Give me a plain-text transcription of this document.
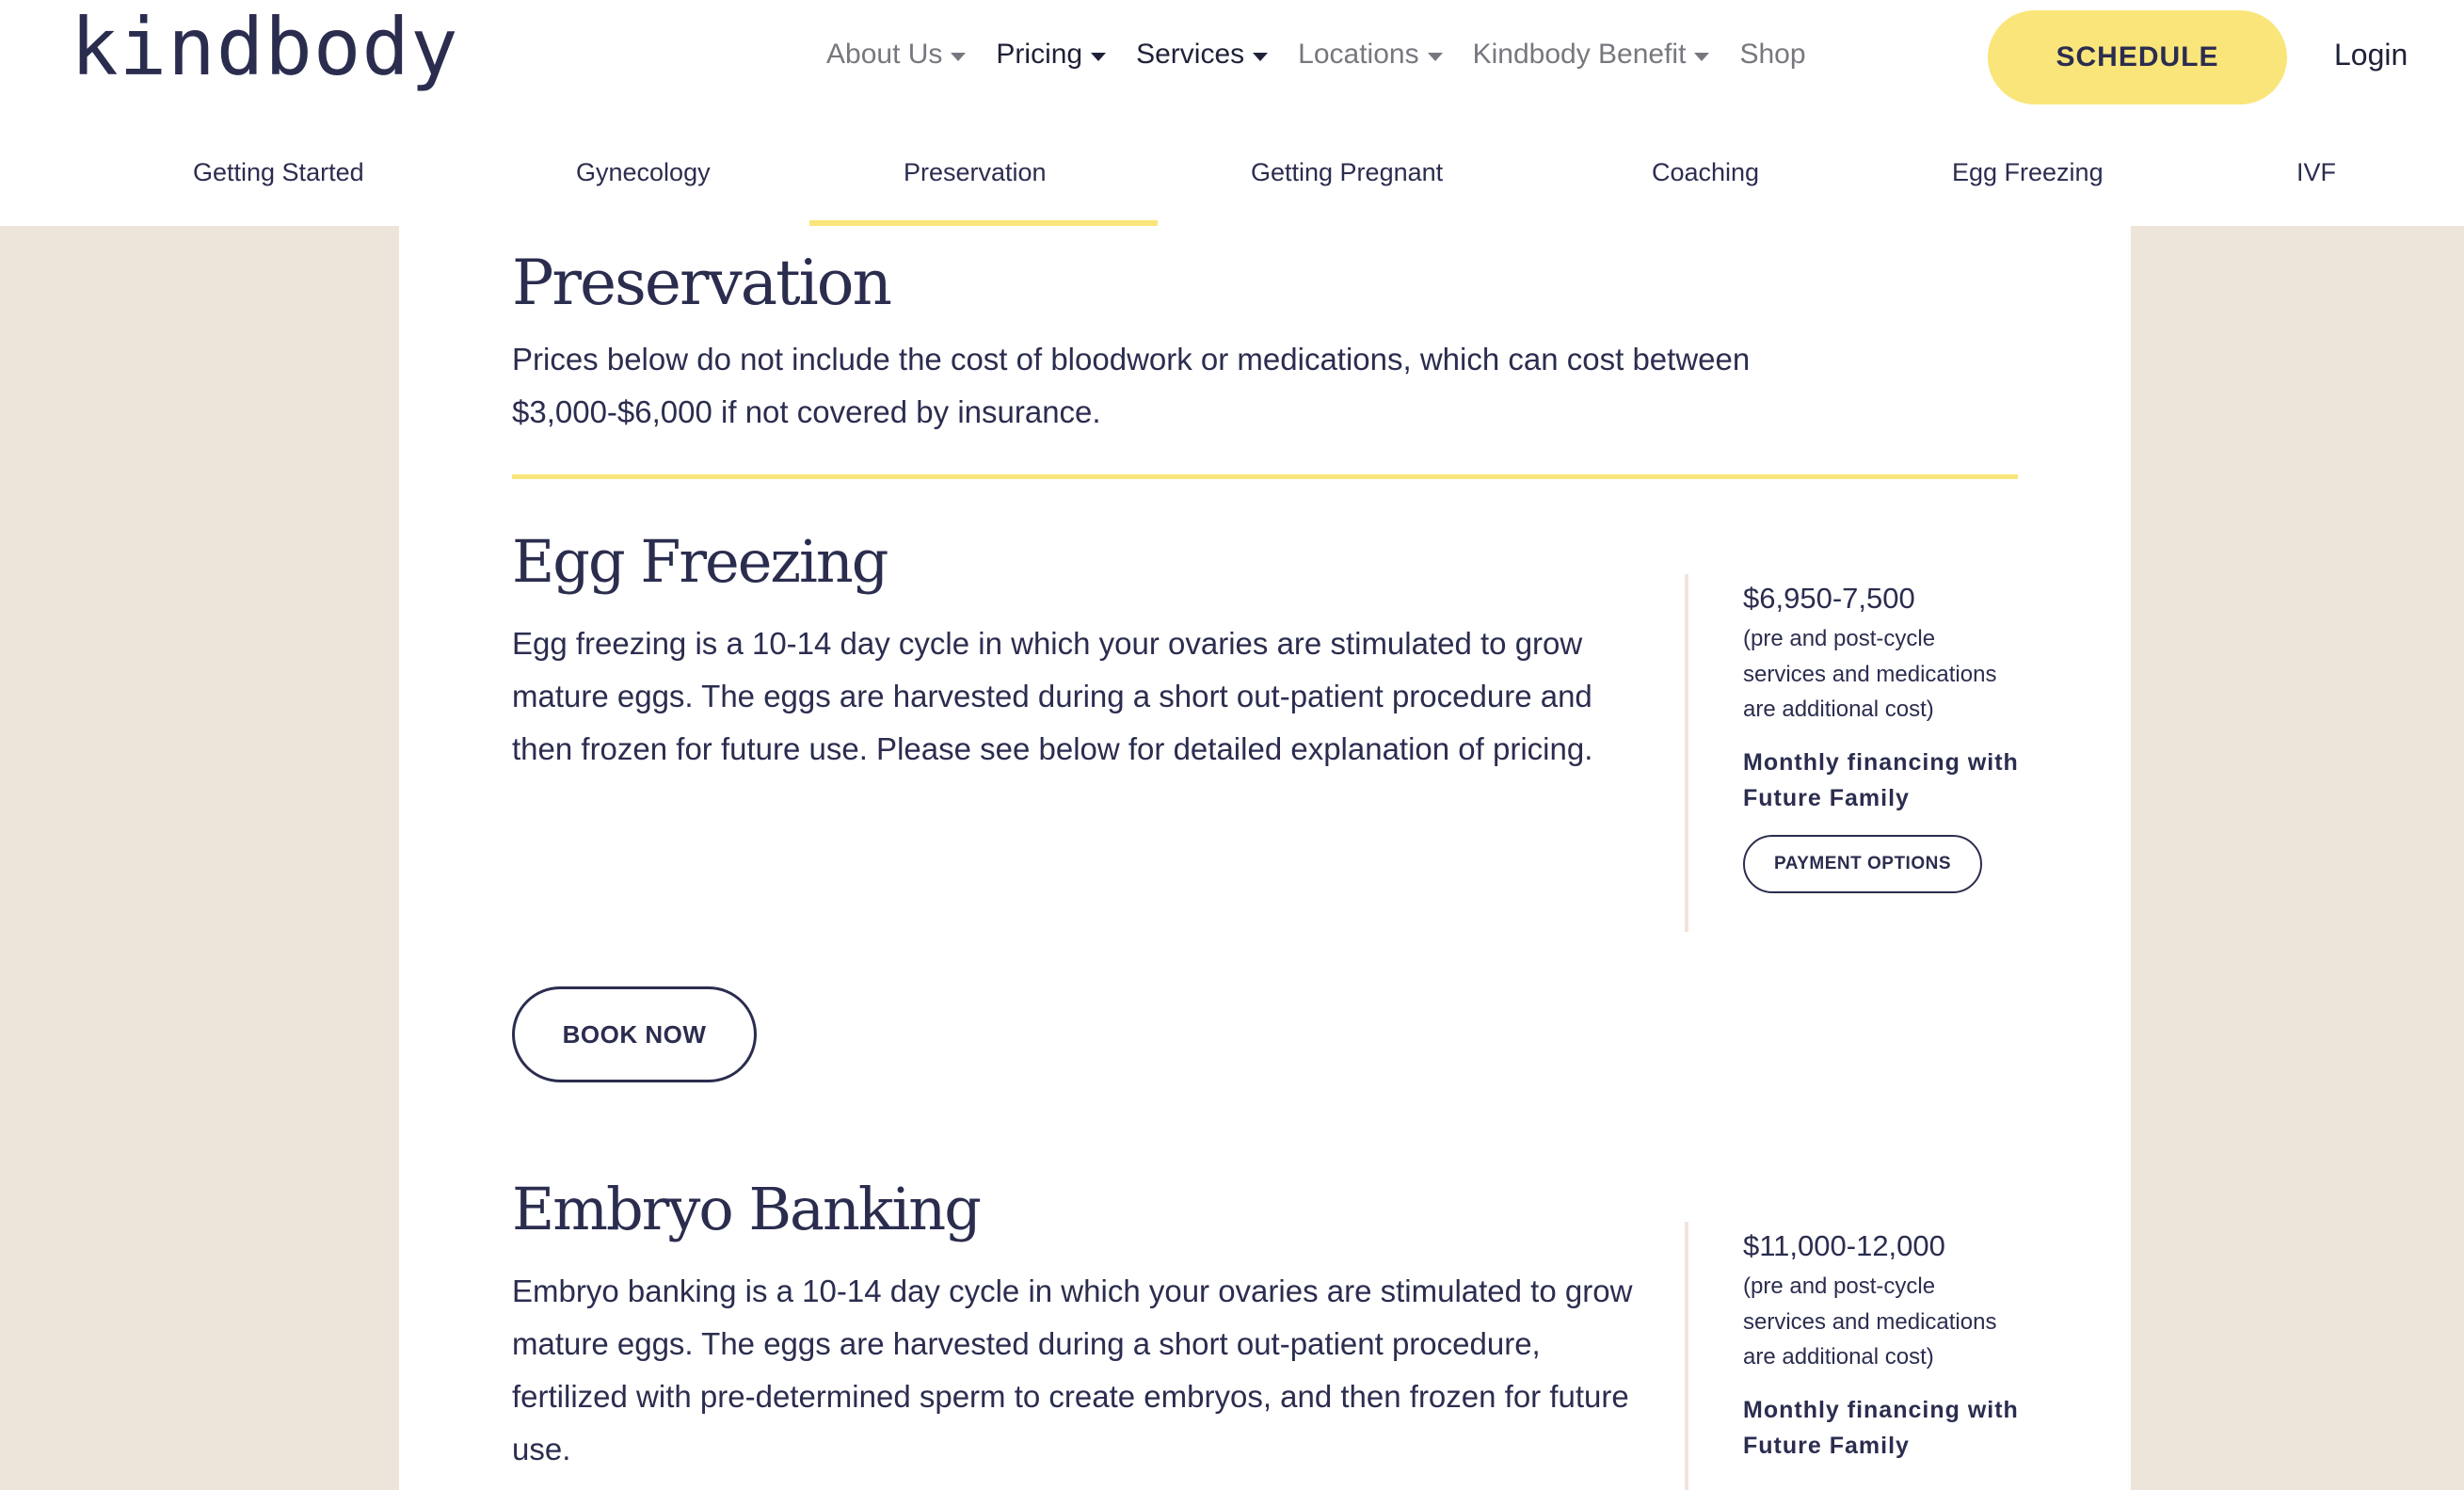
kindbody	About Us Pricing Services Locations Kindbody Benefit Shop	SCHEDULE	Login
Getting Started	Gynecology	Preservation	Getting Pregnant	Coaching	Egg Freezing	IVF
Preservation

Prices below do not include the cost of bloodwork or medications, which can cost between $3,000-$6,000 if not covered by insurance.

Egg Freezing

Egg freezing is a 10-14 day cycle in which your ovaries are stimulated to grow mature eggs. The eggs are harvested during a short out-patient procedure and then frozen for future use. Please see below for detailed explanation of pricing.

$6,950-7,500
(pre and post-cycle services and medications are additional cost)
Monthly financing with Future Family
PAYMENT OPTIONS
BOOK NOW
Embryo Banking

Embryo banking is a 10-14 day cycle in which your ovaries are stimulated to grow mature eggs. The eggs are harvested during a short out-patient procedure, fertilized with pre-determined sperm to create embryos, and then frozen for future use.

$11,000-12,000
(pre and post-cycle services and medications are additional cost)
Monthly financing with Future Family
